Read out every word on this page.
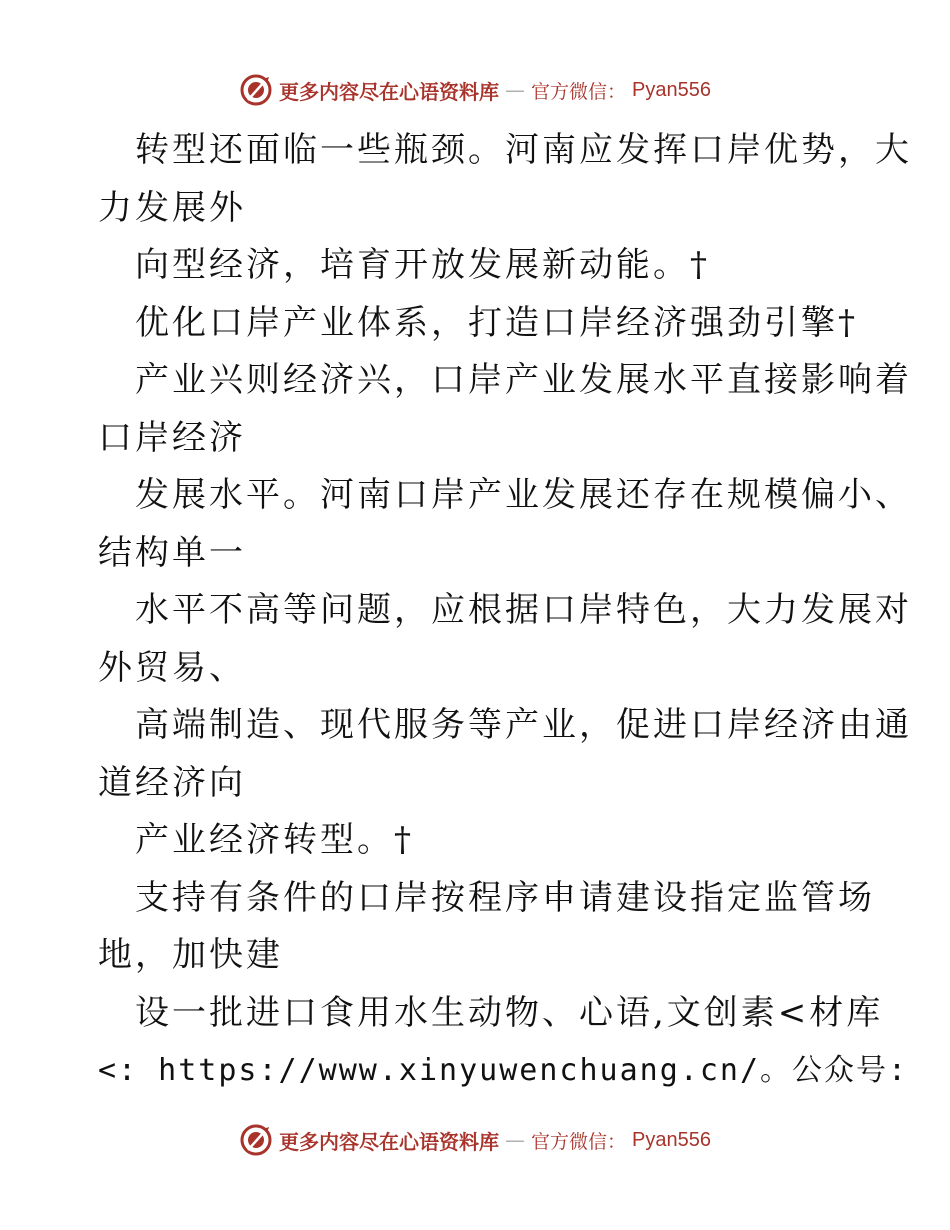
更多内容尽在心语资料库 — 官方微信： Pyan556
转型还面临一些瓶颈。河南应发挥口岸优势，大
力发展外
向型经济，培育开放发展新动能。†
优化口岸产业体系，打造口岸经济强劲引擎†
产业兴则经济兴，口岸产业发展水平直接影响着
口岸经济
发展水平。河南口岸产业发展还存在规模偏小、
结构单一
水平不高等问题，应根据口岸特色，大力发展对
外贸易、
高端制造、现代服务等产业，促进口岸经济由通
道经济向
产业经济转型。†
支持有条件的口岸按程序申请建设指定监管场
地，加快建
设一批进口食用水生动物、心语,文创素<材库
<: https://www.xinyuwenchuang.cn/。公众号:
更多内容尽在心语资料库 — 官方微信： Pyan556
